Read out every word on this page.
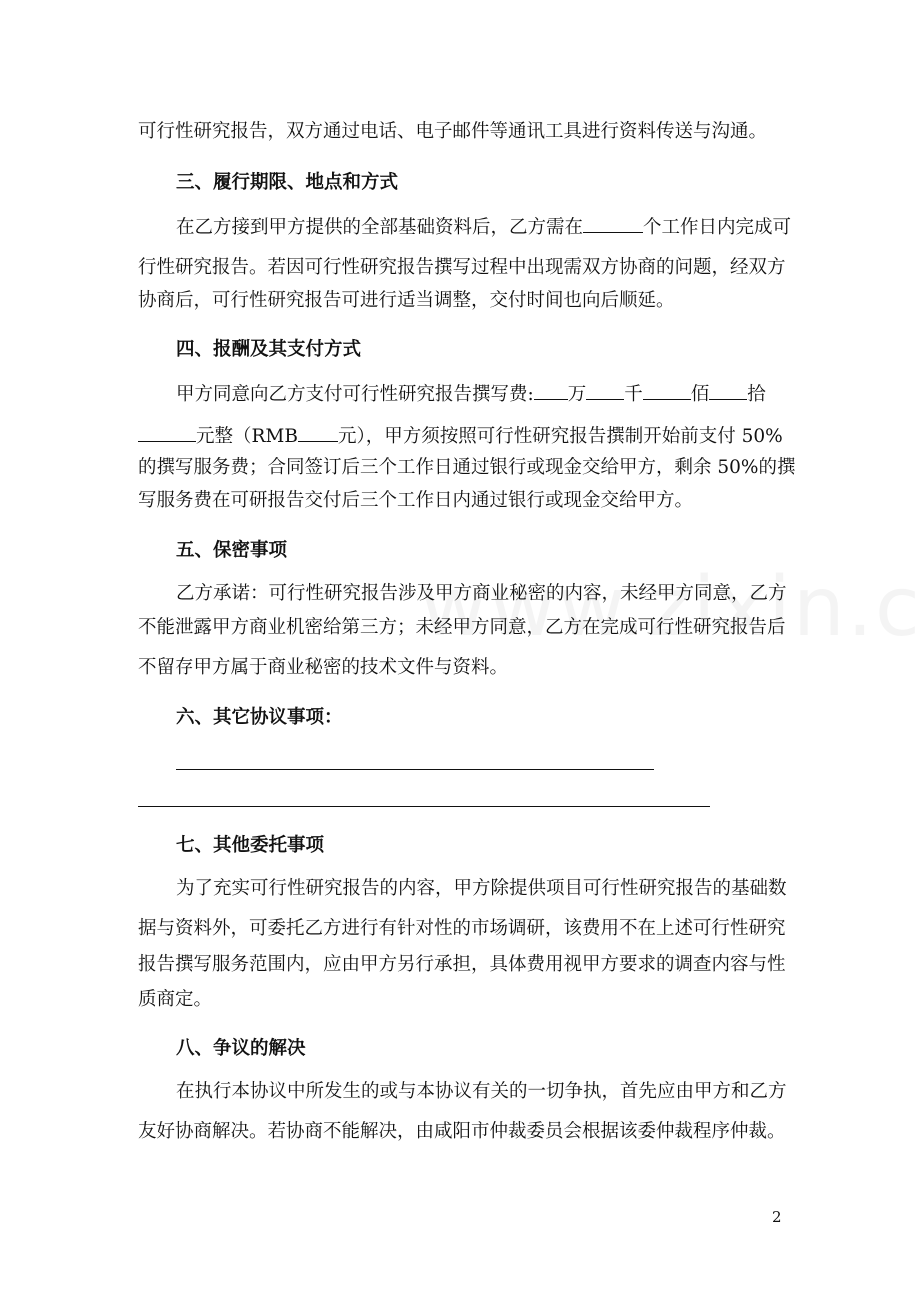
可行性研究报告，双方通过电话、电子邮件等通讯工具进行资料传送与沟通。
三、履行期限、地点和方式
在乙方接到甲方提供的全部基础资料后，乙方需在	个工作日内完成可
行性研究报告。若因可行性研究报告撰写过程中出现需双方协商的问题，经双方
协商后，可行性研究报告可进行适当调整，交付时间也向后顺延。
四、报酬及其支付方式
甲方同意向乙方支付可行性研究报告撰写费: 万 千	佰 拾
元整（RMB 元），甲方须按照可行性研究报告撰制开始前支付 50%
的撰写服务费；合同签订后三个工作日通过银行或现金交给甲方，剩余 50%的撰
写服务费在可研报告交付后三个工作日内通过银行或现金交给甲方。
五、保密事项
乙方承诺：可行性研究报告涉及甲方商业秘密的内容，未经甲方同意，乙方
不能泄露甲方商业机密给第三方；未经甲方同意，乙方在完成可行性研究报告后
不留存甲方属于商业秘密的技术文件与资料。
六、其它协议事项：
七、其他委托事项
为了充实可行性研究报告的内容，甲方除提供项目可行性研究报告的基础数
据与资料外，可委托乙方进行有针对性的市场调研，该费用不在上述可行性研究
报告撰写服务范围内，应由甲方另行承担，具体费用视甲方要求的调查内容与性
质商定。
八、争议的解决
在执行本协议中所发生的或与本协议有关的一切争执，首先应由甲方和乙方
友好协商解决。若协商不能解决，由咸阳市仲裁委员会根据该委仲裁程序仲裁。
2
